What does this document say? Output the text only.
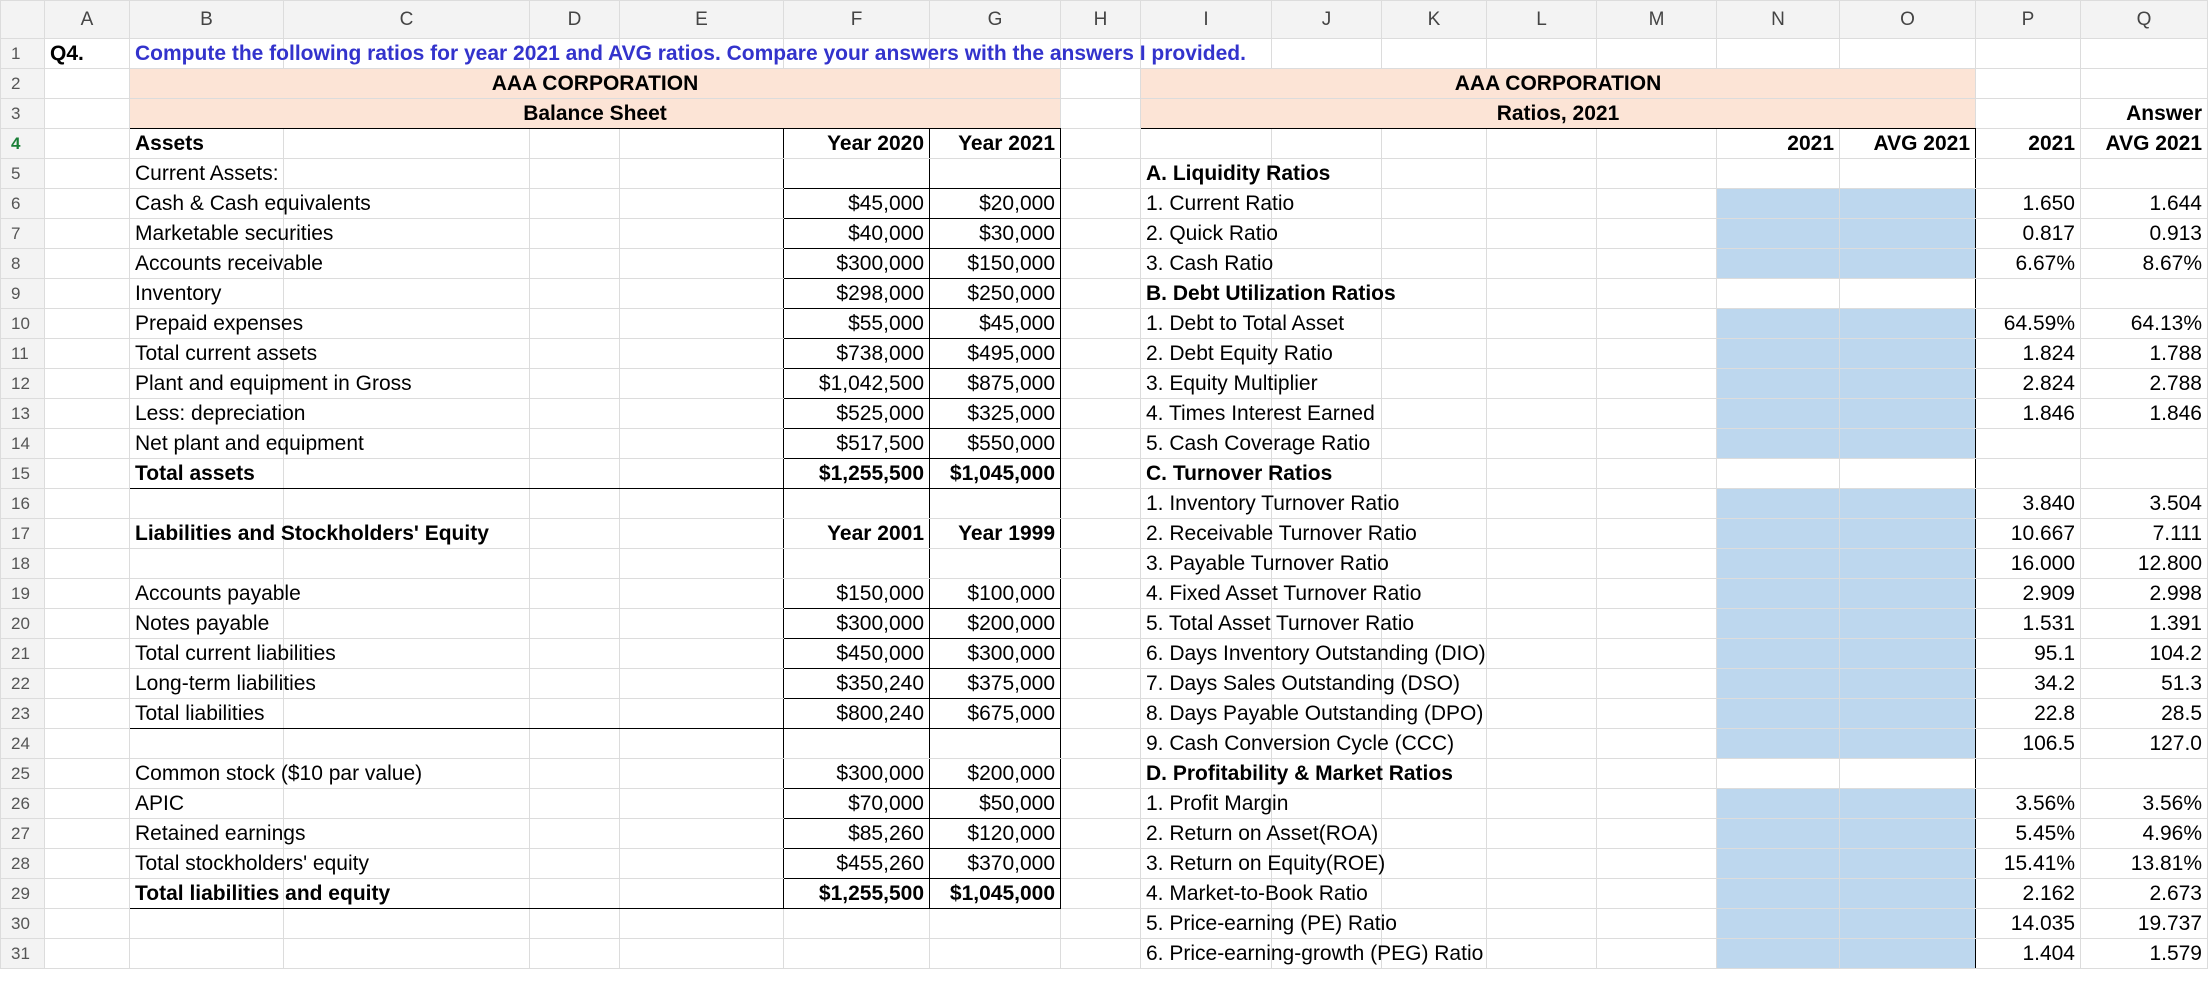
	A	B	C	D	E	F	G	H	I	J	K	L	M	N	O	P	Q
1	Q4.	Compute the following ratios for year 2021 and AVG ratios. Compare your answers with the answers I provided.															
2		AAA CORPORATION							AAA CORPORATION								
3		Balance Sheet							Ratios, 2021								Answer
4		Assets				Year 2020	Year 2021							2021	AVG 2021	2021	AVG 2021
5		Current Assets:							A. Liquidity Ratios								
6		Cash & Cash equivalents				$45,000	$20,000		1. Current Ratio							1.650	1.644
7		Marketable securities				$40,000	$30,000		2. Quick Ratio							0.817	0.913
8		Accounts receivable				$300,000	$150,000		3. Cash Ratio							6.67%	8.67%
9		Inventory				$298,000	$250,000		B. Debt Utilization Ratios								
10		Prepaid expenses				$55,000	$45,000		1. Debt to Total Asset							64.59%	64.13%
11		Total current assets				$738,000	$495,000		2. Debt Equity Ratio							1.824	1.788
12		Plant and equipment in Gross				$1,042,500	$875,000		3. Equity Multiplier							2.824	2.788
13		Less: depreciation				$525,000	$325,000		4. Times Interest Earned							1.846	1.846
14		Net plant and equipment				$517,500	$550,000		5. Cash Coverage Ratio								
15		Total assets				$1,255,500	$1,045,000		C. Turnover Ratios								
16									1. Inventory Turnover Ratio							3.840	3.504
17		Liabilities and Stockholders' Equity				Year 2001	Year 1999		2. Receivable Turnover Ratio							10.667	7.111
18									3. Payable Turnover Ratio							16.000	12.800
19		Accounts payable				$150,000	$100,000		4. Fixed Asset Turnover Ratio							2.909	2.998
20		Notes payable				$300,000	$200,000		5. Total Asset Turnover Ratio							1.531	1.391
21		Total current liabilities				$450,000	$300,000		6. Days Inventory Outstanding (DIO)							95.1	104.2
22		Long-term liabilities				$350,240	$375,000		7. Days Sales Outstanding (DSO)							34.2	51.3
23		Total liabilities				$800,240	$675,000		8. Days Payable Outstanding (DPO)							22.8	28.5
24									9. Cash Conversion Cycle (CCC)							106.5	127.0
25		Common stock ($10 par value)				$300,000	$200,000		D. Profitability & Market Ratios								
26		APIC				$70,000	$50,000		1. Profit Margin							3.56%	3.56%
27		Retained earnings				$85,260	$120,000		2. Return on Asset(ROA)							5.45%	4.96%
28		Total stockholders' equity				$455,260	$370,000		3. Return on Equity(ROE)							15.41%	13.81%
29		Total liabilities and equity				$1,255,500	$1,045,000		4. Market-to-Book Ratio							2.162	2.673
30									5. Price-earning (PE) Ratio							14.035	19.737
31									6. Price-earning-growth (PEG) Ratio							1.404	1.579
